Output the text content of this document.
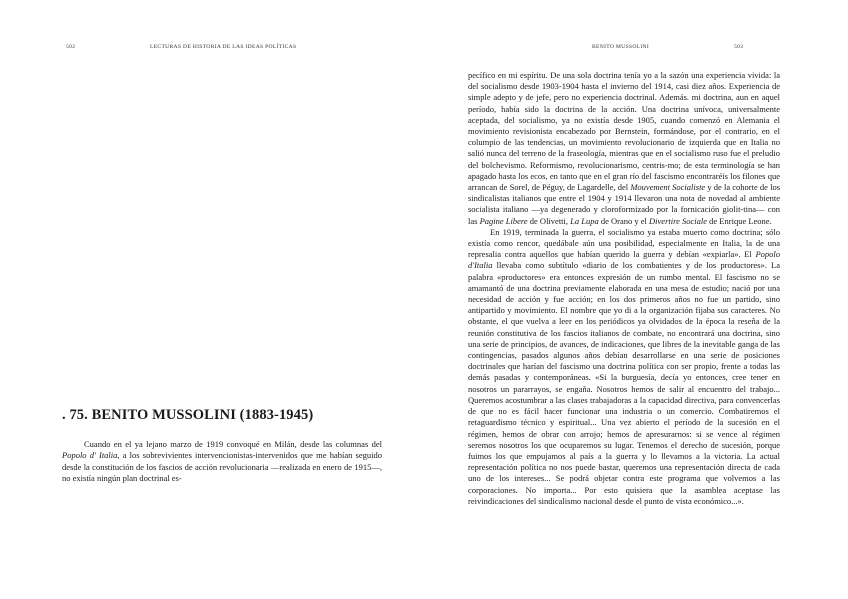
502	LECTURAS DE HISTORIA DE LAS IDEAS POLÍTICAS
. 75. BENITO MUSSOLINI (1883-1945)

Cuando en el ya lejano marzo de 1919 convoqué en Milán, desde las columnas del Popolo d' Italia, a los sobrevivientes intervencionistas-intervenidos que me habían seguido desde la constitución de los fascios de acción revolucionaria —realizada en enero de 1915—, no existía ningún plan doctrinal es-

BENITO MUSSOLINI	503

pecífico en mi espíritu. De una sola doctrina tenía yo a la sazón una experiencia vivida: la del socialismo desde 1903-1904 hasta el invierno del 1914, casi diez años. Experiencia de simple adepto y de jefe, pero no experiencia doctrinal. Además. mi doctrina, aun en aquel período, había sido la doctrina de la acción. Una doctrina unívoca, universalmente aceptada, del socialismo, ya no existía desde 1905, cuando comenzó en Alemania el movimiento revisionista encabezado por Bernstein, formándose, por el contrario, en el columpio de las tendencias, un movimiento revolucionario de izquierda que en Italia no salió nunca del terreno de la fraseología, mientras que en el socialismo ruso fue el preludio del bolchevismo. Reformismo, revolucionarismo, centris-mo; de esta terminología se han apagado hasta los ecos, en tanto que en el gran río del fascismo encontraréis los filones que arrancan de Sorel, de Péguy, de Lagardelle, del Mouvement Socialiste y de la cohorte de los sindicalistas italianos que entre el 1904 y 1914 llevaron una nota de novedad al ambiente socialista italiano —ya degenerado y cloroformizado por la fornicación giolit-tina— con las Pagine Libere de Olivetti, La Lupa de Orano y el Divertire Sociale de Enrique Leone.

En 1919, terminada la guerra, el socialismo ya estaba muerto como doctrina; sólo existía como rencor, quedábale aún una posibilidad, especialmente en Italia, la de una represalia contra aquellos que habían querido la guerra y debían «expiarla». El Popolo d'Italia llevaba como subtítulo «diario de los combatientes y de los productores». La palabra «productores» era entonces expresión de un rumbo mental. El fascismo no se amamantó de una doctrina previamente elaborada en una mesa de estudio; nació por una necesidad de acción y fue acción; en los dos primeros años no fue un partido, sino antipartido y movimiento. El nombre que yo di a la organización fijaba sus caracteres. No obstante, el que vuelva a leer en los periódicos ya olvidados de la época la reseña de la reunión constitutiva de los fascios italianos de combate, no encontrará una doctrina, sino una serie de principios, de avances, de indicaciones, que libres de la inevitable ganga de las contingencias, pasados algunos años debían desarrollarse en una serie de posiciones doctrinales que harían del fascismo una doctrina política con ser propio, frente a todas las demás pasadas y contemporáneas. «Si la burguesía, decía yo entonces, cree tener en nosotros un pararrayos, se engaña. Nosotros hemos de salir al encuentro del trabajo... Queremos acostumbrar a las clases trabajadoras a la capacidad directiva, para convencerlas de que no es fácil hacer funcionar una industria o un comercio. Combatiremos el retaguardismo técnico y espiritual... Una vez abierto el período de la sucesión en el régimen, hemos de obrar con arrojo; hemos de apresurarnos: si se vence al régimen seremos nosotros los que ocuparemos su lugar. Tenemos el derecho de sucesión, porque fuimos los que empujamos al país a la guerra y lo llevamos a la victoria. La actual representación política no nos puede bastar, queremos una representación directa de cada uno de los intereses... Se podrá objetar contra este programa que volvemos a las corporaciones. No importa... Por esto quisiera que la asamblea aceptase las reivindicaciones del sindicalismo nacional desde el punto de vista económico...».
